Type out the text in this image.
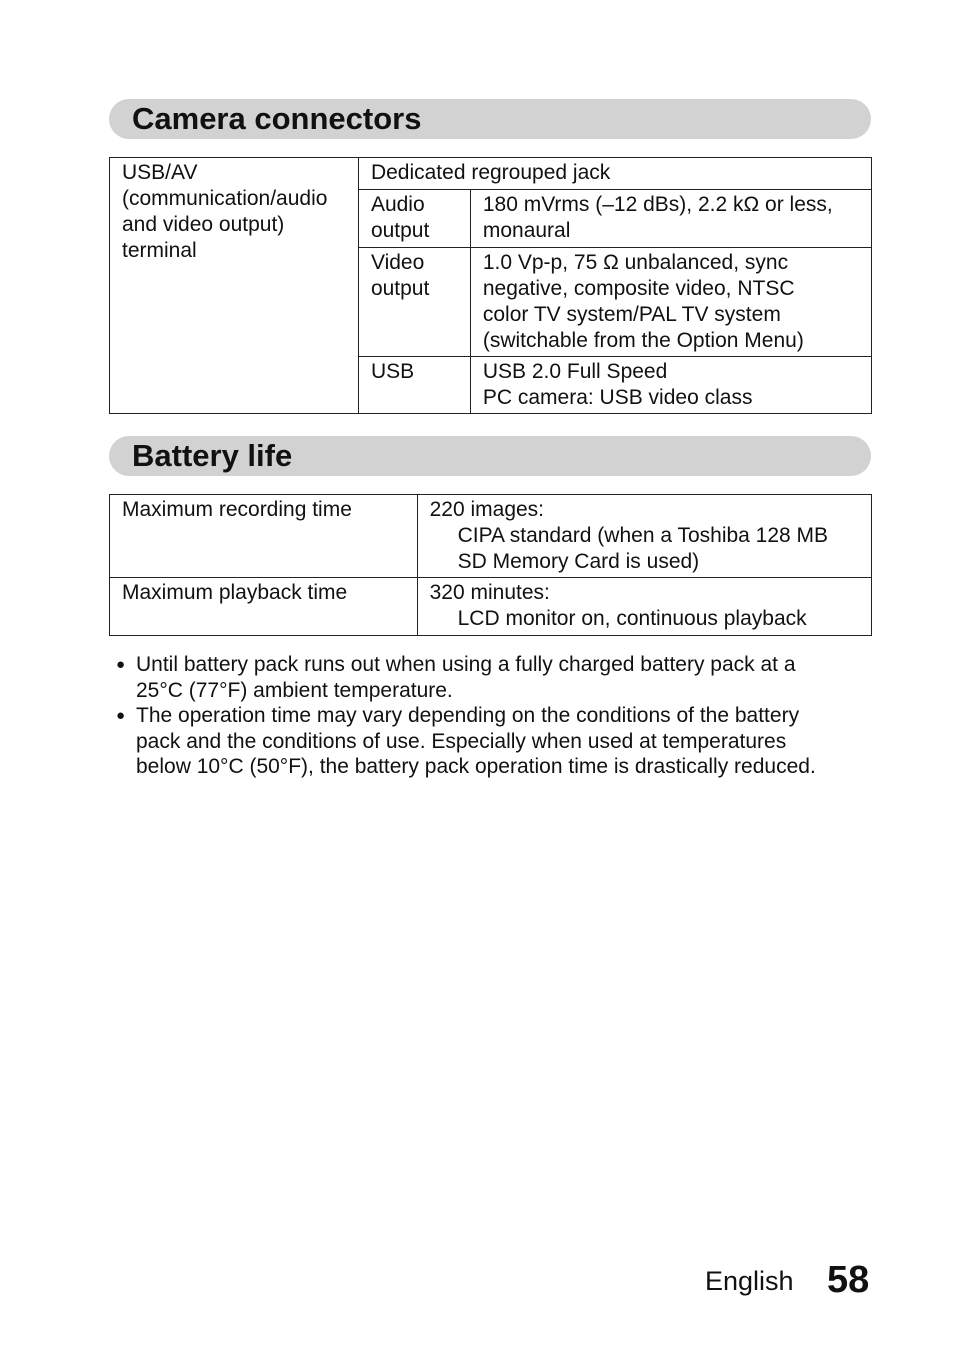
Camera connectors
USB/AV
(communication/audio
and video output)
terminal	Dedicated regrouped jack	

	Audio
output	180 mVrms (–12 dBs), 2.2 kΩ or less,
monaural

	Video
output	1.0 Vp-p, 75 Ω unbalanced, sync
negative, composite video, NTSC
color TV system/PAL TV system
(switchable from the Option Menu)

	USB	USB 2.0 Full Speed
PC camera: USB video class
Battery life
Maximum recording time	220 images:
CIPA standard (when a Toshiba 128 MB
SD Memory Card is used)

Maximum playback time	320 minutes:
LCD monitor on, continuous playback
● Until battery pack runs out when using a fully charged battery pack at a
25°C (77°F) ambient temperature.
● The operation time may vary depending on the conditions of the battery
pack and the conditions of use. Especially when used at temperatures
below 10°C (50°F), the battery pack operation time is drastically reduced.
English 58
